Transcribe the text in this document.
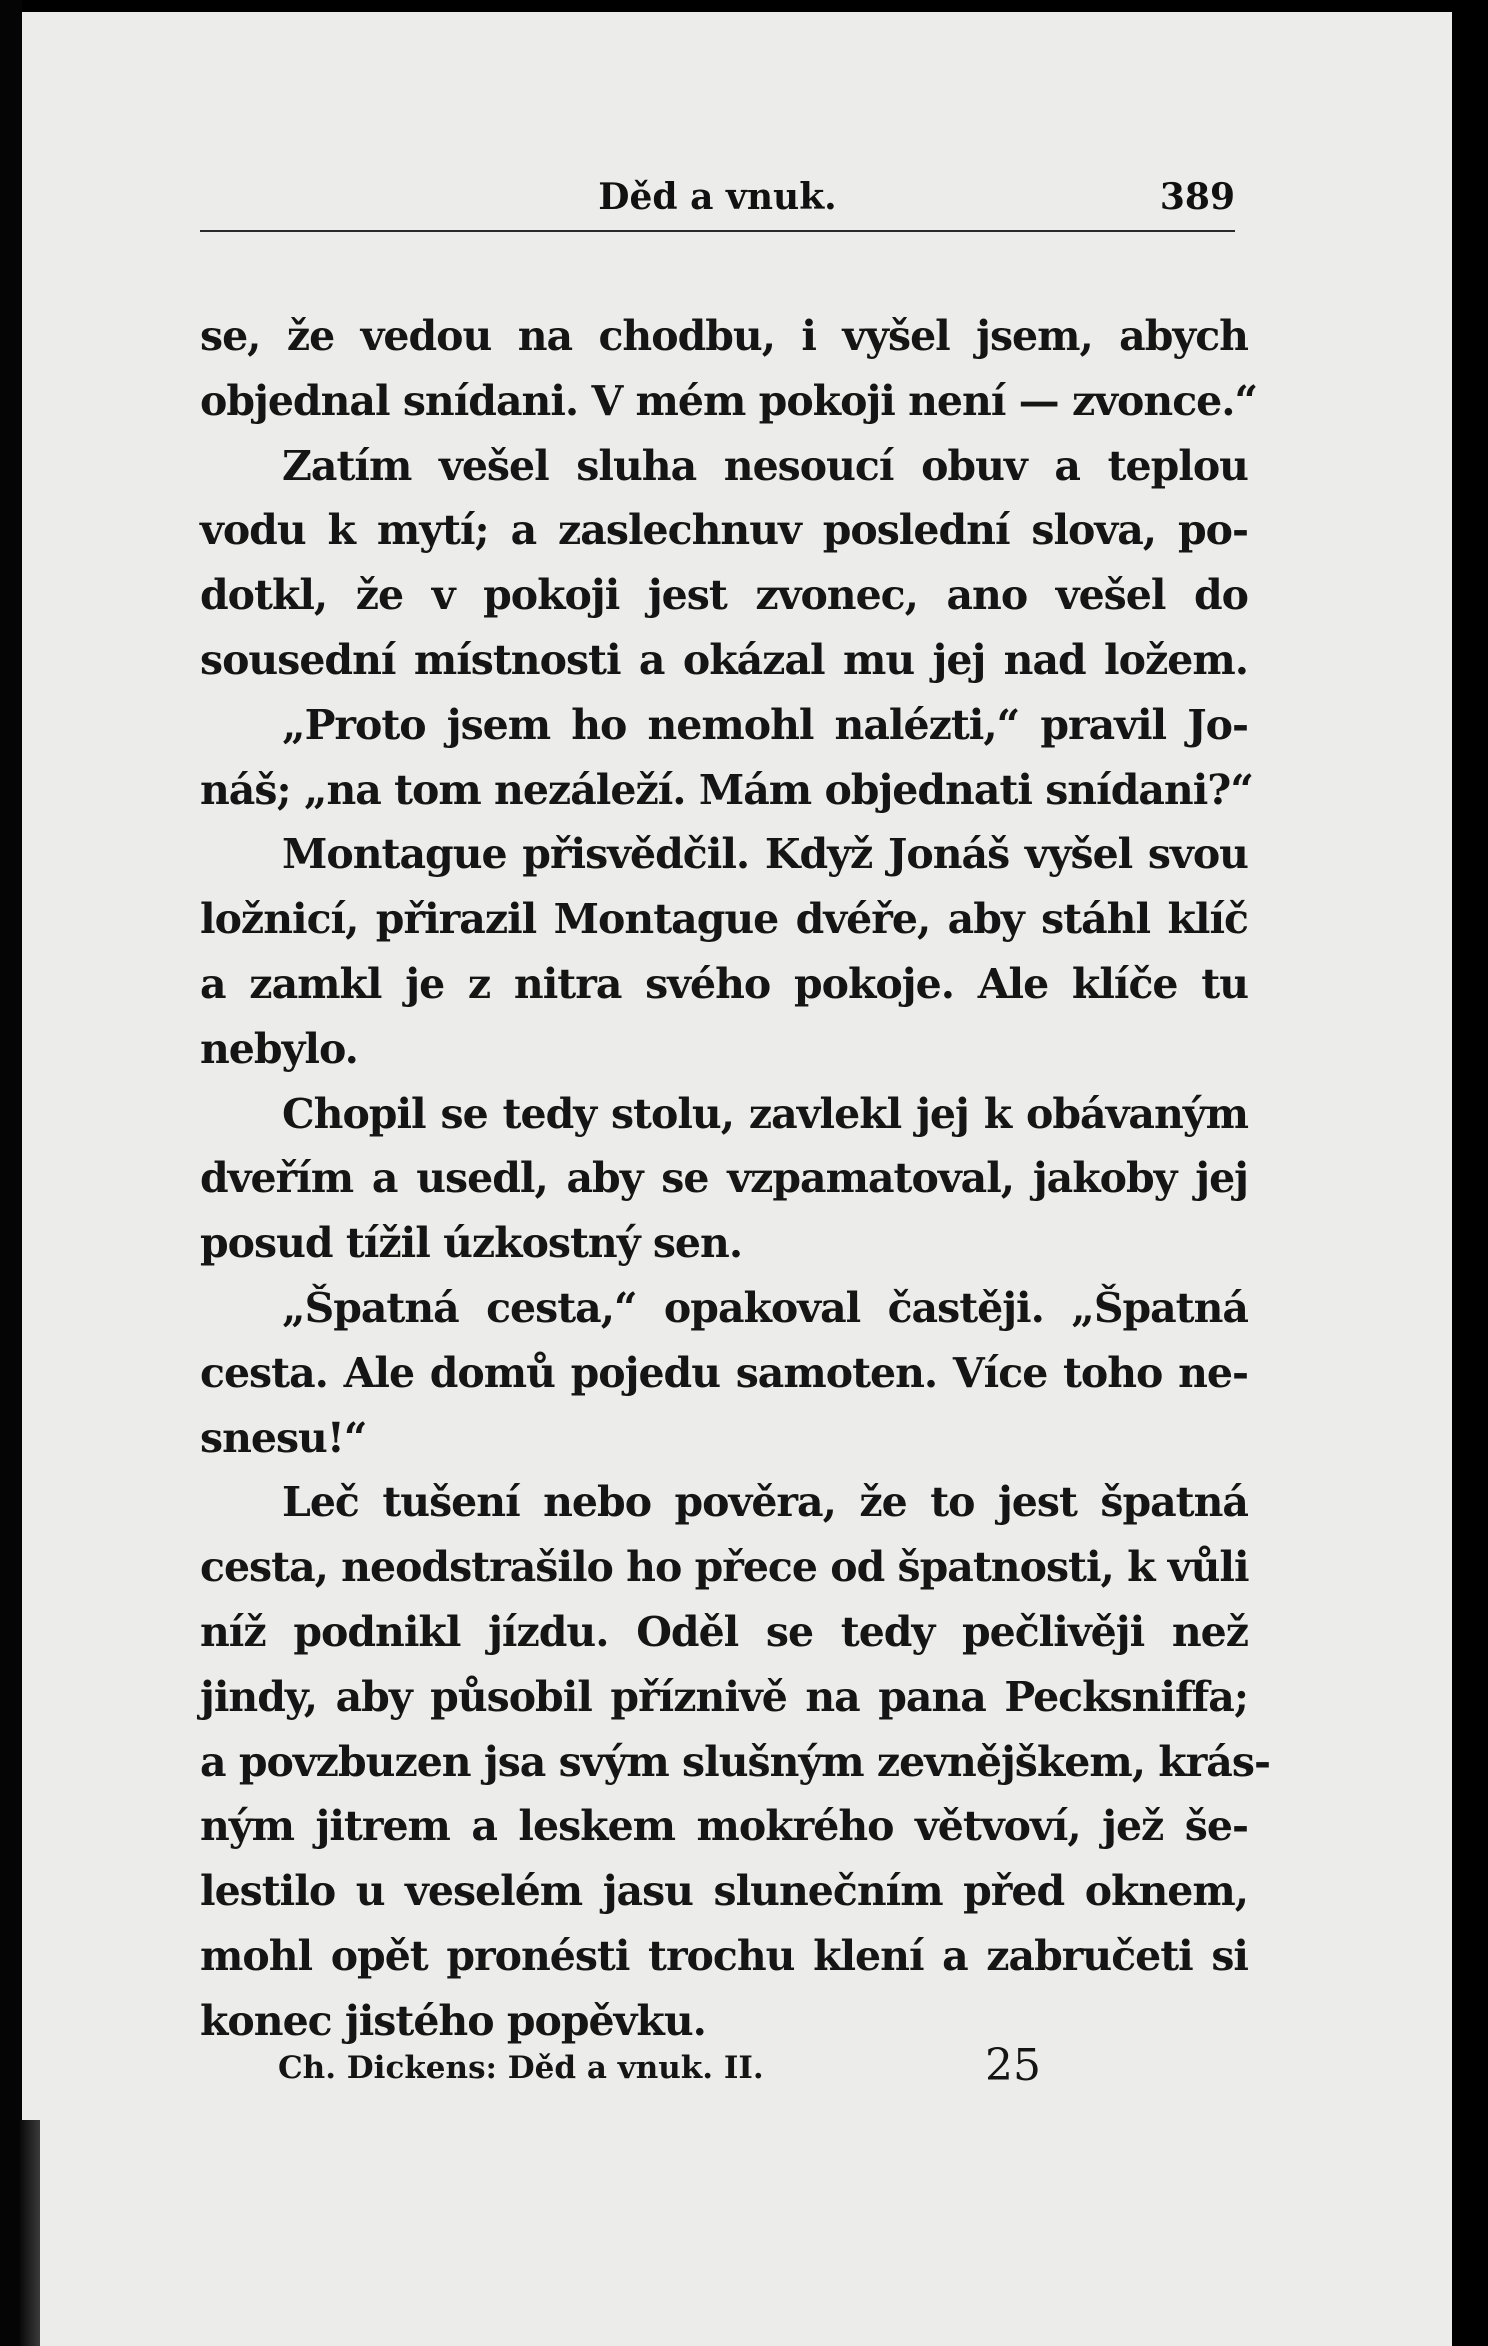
Děd a vnuk.	389
se, že vedou na chodbu, i vyšel jsem, abych
objednal snídani. V mém pokoji není — zvonce.“
Zatím vešel sluha nesoucí obuv a teplou
vodu k mytí; a zaslechnuv poslední slova, po-
dotkl, že v pokoji jest zvonec, ano vešel do
sousední místnosti a okázal mu jej nad ložem.
„Proto jsem ho nemohl nalézti,“ pravil Jo-
náš; „na tom nezáleží. Mám objednati snídani?“
Montague přisvědčil. Když Jonáš vyšel svou
ložnicí, přirazil Montague dvéře, aby stáhl klíč
a zamkl je z nitra svého pokoje. Ale klíče tu
nebylo.
Chopil se tedy stolu, zavlekl jej k obávaným
dveřím a usedl, aby se vzpamatoval, jakoby jej
posud tížil úzkostný sen.
„Špatná cesta,“ opakoval častěji. „Špatná
cesta. Ale domů pojedu samoten. Více toho ne-
snesu!“
Leč tušení nebo pověra, že to jest špatná
cesta, neodstrašilo ho přece od špatnosti, k vůli
níž podnikl jízdu. Oděl se tedy pečlivěji než
jindy, aby působil příznivě na pana Pecksniffa;
a povzbuzen jsa svým slušným zevnějškem, krás-
ným jitrem a leskem mokrého větvoví, jež še-
lestilo u veselém jasu slunečním před oknem,
mohl opět pronésti trochu klení a zabručeti si
konec jistého popěvku.
Ch. Dickens: Děd a vnuk. II.	25
